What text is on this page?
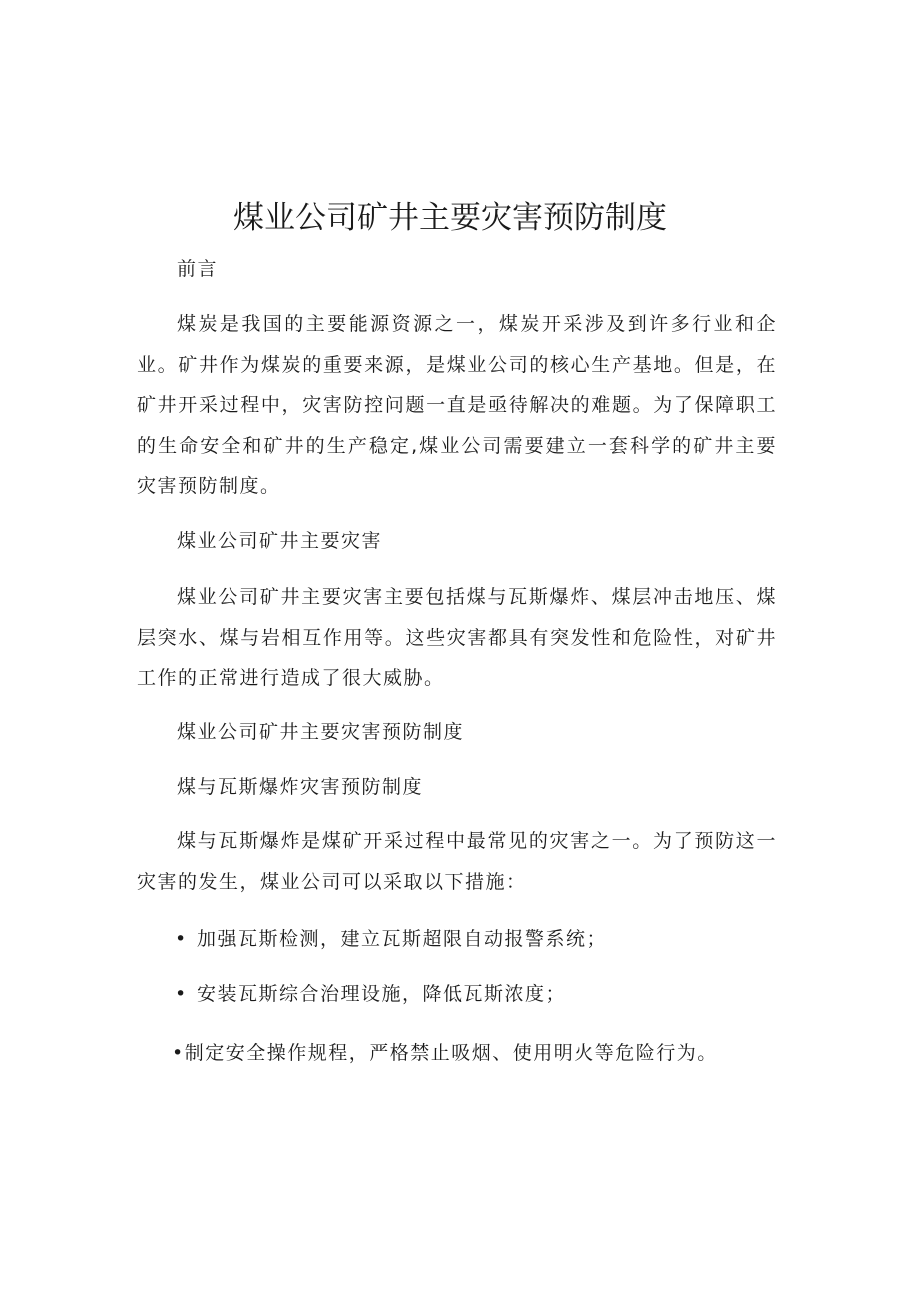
煤业公司矿井主要灾害预防制度

前言

煤炭是我国的主要能源资源之一，煤炭开采涉及到许多行业和企业。矿井作为煤炭的重要来源，是煤业公司的核心生产基地。但是，在矿井开采过程中，灾害防控问题一直是亟待解决的难题。为了保障职工的生命安全和矿井的生产稳定,煤业公司需要建立一套科学的矿井主要灾害预防制度。

煤业公司矿井主要灾害

煤业公司矿井主要灾害主要包括煤与瓦斯爆炸、煤层冲击地压、煤层突水、煤与岩相互作用等。这些灾害都具有突发性和危险性，对矿井工作的正常进行造成了很大威胁。

煤业公司矿井主要灾害预防制度

煤与瓦斯爆炸灾害预防制度

煤与瓦斯爆炸是煤矿开采过程中最常见的灾害之一。为了预防这一灾害的发生，煤业公司可以采取以下措施：

• 加强瓦斯检测，建立瓦斯超限自动报警系统；

• 安装瓦斯综合治理设施，降低瓦斯浓度；

•制定安全操作规程，严格禁止吸烟、使用明火等危险行为。
